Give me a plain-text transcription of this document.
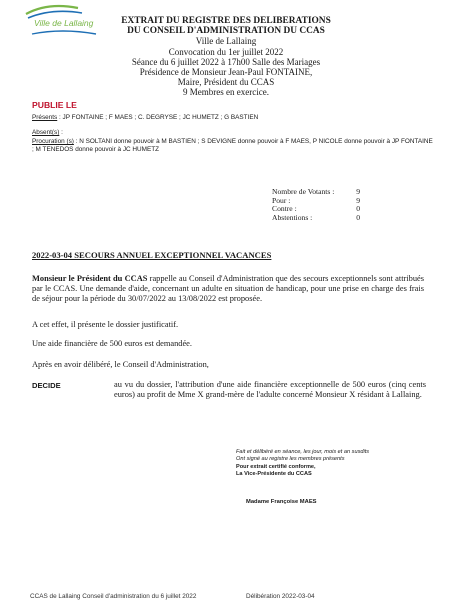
Ville de Lallaing	EXTRAIT DU REGISTRE DES DELIBERATIONS
DU CONSEIL D'ADMINISTRATION DU CCAS
Ville de Lallaing
Convocation du 1er juillet 2022
Séance du 6 juillet 2022 à 17h00 Salle des Mariages
Présidence de Monsieur Jean-Paul FONTAINE,
Maire, Président du CCAS
9 Membres en exercice.
PUBLIE LE
Présents : JP FONTAINE ; F MAES ; C. DEGRYSE ; JC HUMETZ ; G BASTIEN
Absent(s) :
Procuration (s) : N SOLTANI donne pouvoir à M BASTIEN ; S DEVIGNE donne pouvoir à F MAES, P NICOLE donne pouvoir à JP FONTAINE ; M TENEDOS donne pouvoir à JC HUMETZ
Nombre de Votants :	9
Pour :	9
Contre :	0
Abstentions :	0
2022-03-04 SECOURS ANNUEL EXCEPTIONNEL VACANCES
Monsieur le Président du CCAS rappelle au Conseil d'Administration que des secours exceptionnels sont attribués par le CCAS. Une demande d'aide, concernant un adulte en situation de handicap, pour une prise en charge des frais de séjour pour la période du 30/07/2022 au 13/08/2022 est proposée.
A cet effet, il présente le dossier justificatif.
Une aide financière de 500 euros est demandée.
Après en avoir délibéré, le Conseil d'Administration,
DECIDE	au vu du dossier, l'attribution d'une aide financière exceptionnelle de 500 euros (cinq cents euros) au profit de Mme X grand-mère de l'adulte concerné Monsieur X résidant à Lallaing.
Fait et délibéré en séance, les jour, mois et an susdits
Ont signé au registre les membres présents
Pour extrait certifié conforme,
La Vice-Présidente du CCAS
Madame Françoise MAES
CCAS de Lallaing Conseil d'administration du 6 juillet 2022	Délibération 2022-03-04
